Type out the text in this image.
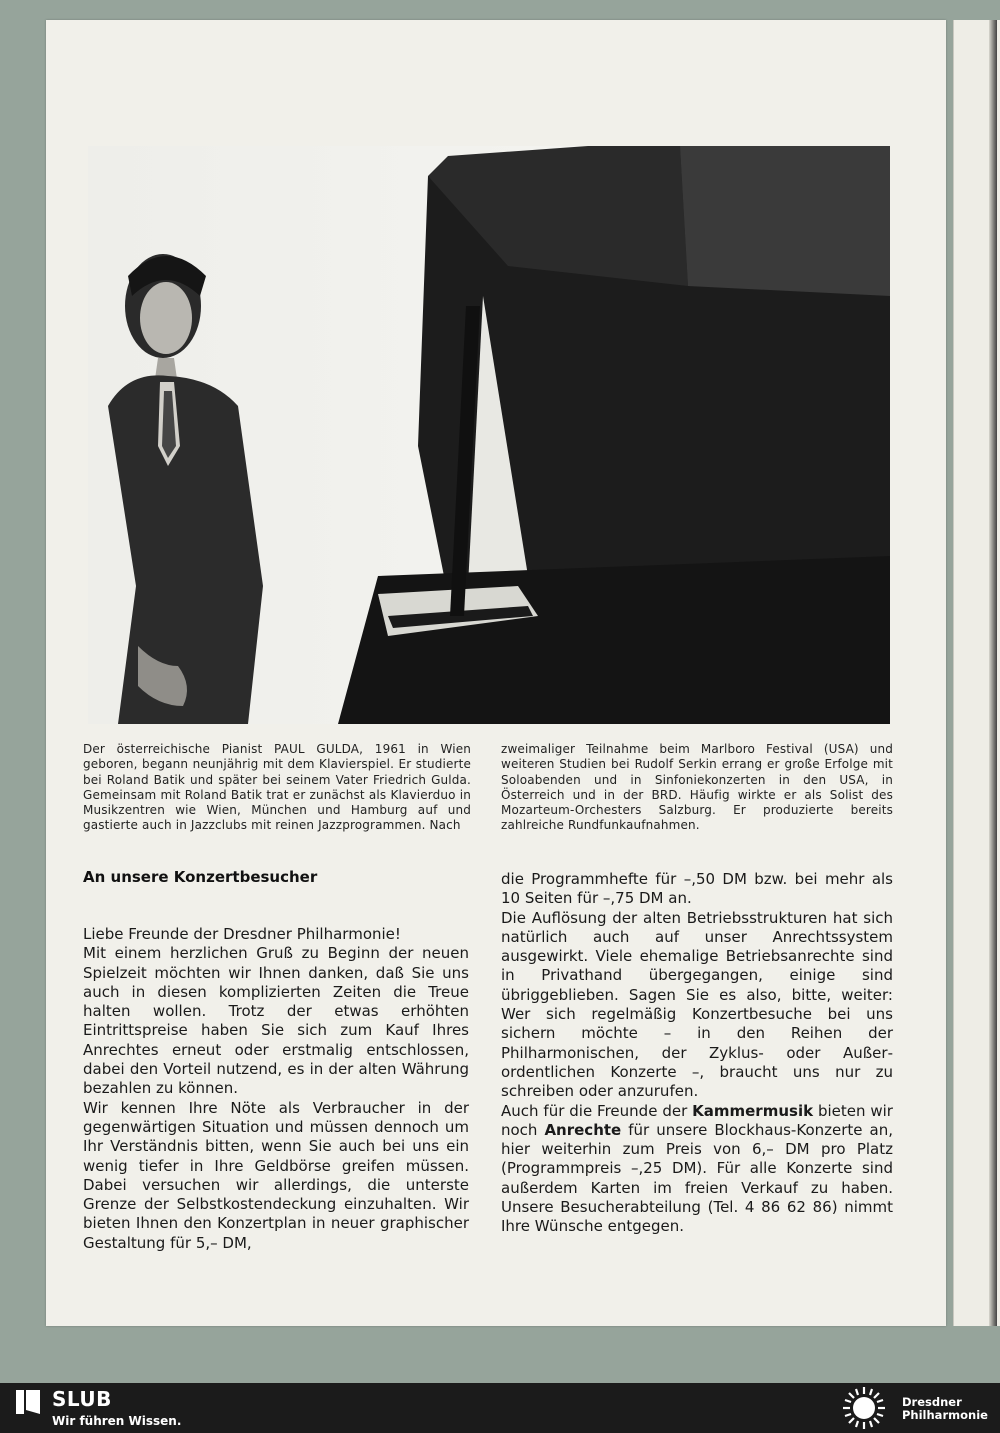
Der österreichische Pianist PAUL GULDA, 1961 in Wien geboren, begann neunjährig mit dem Klavierspiel. Er studierte bei Roland Batik und später bei seinem Vater Friedrich Gulda. Gemeinsam mit Roland Batik trat er zunächst als Klavierduo in Musikzentren wie Wien, München und Hamburg auf und gastierte auch in Jazzclubs mit reinen Jazzprogrammen. Nach

zweimaliger Teilnahme beim Marlboro Festival (USA) und weiteren Studien bei Rudolf Serkin errang er große Erfolge mit Soloabenden und in Sinfoniekonzerten in den USA, in Österreich und in der BRD. Häufig wirkte er als Solist des Mozarteum-Orchesters Salzburg. Er produzierte bereits zahlreiche Rundfunkaufnahmen.

An unsere Konzertbesucher

Liebe Freunde der Dresdner Philharmonie!

Mit einem herzlichen Gruß zu Beginn der neuen Spielzeit möchten wir Ihnen danken, daß Sie uns auch in diesen komplizierten Zeiten die Treue halten wollen. Trotz der etwas erhöhten Eintrittspreise haben Sie sich zum Kauf Ihres Anrechtes erneut oder erstmalig entschlossen, dabei den Vorteil nutzend, es in der alten Währung bezahlen zu können.

Wir kennen Ihre Nöte als Verbraucher in der gegenwärtigen Situation und müssen dennoch um Ihr Verständnis bitten, wenn Sie auch bei uns ein wenig tiefer in Ihre Geldbörse greifen müssen. Dabei versuchen wir allerdings, die unterste Grenze der Selbstkostendeckung einzuhalten. Wir bieten Ihnen den Konzertplan in neuer graphischer Gestaltung für 5,– DM,

die Programmhefte für –,50 DM bzw. bei mehr als 10 Seiten für –,75 DM an.

Die Auflösung der alten Betriebsstrukturen hat sich natürlich auch auf unser Anrechtssystem ausgewirkt. Viele ehemalige Betriebsanrechte sind in Privathand übergegangen, einige sind übriggeblieben. Sagen Sie es also, bitte, weiter: Wer sich regelmäßig Konzertbesuche bei uns sichern möchte – in den Reihen der Philharmonischen, der Zyklus- oder Außerordentlichen Konzerte –, braucht uns nur zu schreiben oder anzurufen.

Auch für die Freunde der Kammermusik bieten wir noch Anrechte für unsere Blockhaus-Konzerte an, hier weiterhin zum Preis von 6,– DM pro Platz (Programmpreis –,25 DM). Für alle Konzerte sind außerdem Karten im freien Verkauf zu haben. Unsere Besucherabteilung (Tel. 4 86 62 86) nimmt Ihre Wünsche entgegen.

SLUB
Wir führen Wissen.
Dresdner
Philharmonie
